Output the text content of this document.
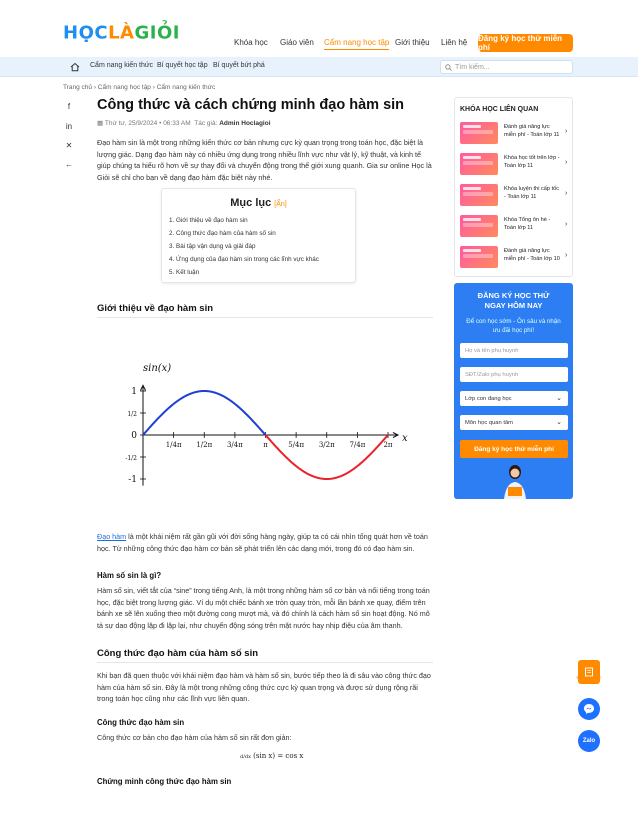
HỌCLÀGIỎI	Khóa học Giáo viên Cẩm nang học tập Giới thiệu Liên hệ Đăng ký học thử miễn phí
Cẩm nang kiến thức Bí quyết học tập Bí quyết bứt phá	Tìm kiếm...
Trang chủ › Cẩm nang học tập › Cẩm nang kiến thức
f
in
✕
←
Công thức và cách chứng minh đạo hàm sin
▦ Thứ tư, 25/9/2024 • 06:33 AM Tác giả: Admin Hoclagioi

Đạo hàm sin là một trong những kiến thức cơ bản nhưng cực kỳ quan trọng trong toán học, đặc biệt là lượng giác. Dạng đạo hàm này có nhiều ứng dụng trong nhiều lĩnh vực như vật lý, kỹ thuật, và kinh tế giúp chúng ta hiểu rõ hơn về sự thay đổi và chuyển động trong thế giới xung quanh. Gia sư online Học là Giỏi sẽ chỉ cho bạn về dạng đạo hàm đặc biệt này nhé.

Mục lục [Ẩn]
1. Giới thiệu về đạo hàm sin
2. Công thức đạo hàm của hàm số sin
3. Bài tập vận dụng và giải đáp
4. Ứng dụng của đạo hàm sin trong các lĩnh vực khác
5. Kết luận
Giới thiệu về đạo hàm sin
sin(x)
x
1
1/2
0
-1/2
-1
1/4π 1/2π 3/4π	π	5/4π 3/2π 7/4π	2π

Đạo hàm là một khái niệm rất gần gũi với đời sống hàng ngày, giúp ta có cái nhìn tổng quát hơn về toán học. Từ những công thức đạo hàm cơ bản sẽ phát triển lên các dạng mới, trong đó có đạo hàm sin.

Hàm số sin là gì?

Hàm số sin, viết tắt của “sine” trong tiếng Anh, là một trong những hàm số cơ bản và nổi tiếng trong toán học, đặc biệt trong lượng giác. Ví dụ một chiếc bánh xe tròn quay tròn, mỗi lần bánh xe quay, điểm trên bánh xe sẽ lên xuống theo một đường cong mượt mà, và đó chính là cách hàm số sin hoạt động. Nó mô tả sự dao động lặp đi lặp lại, như chuyển động sóng trên mặt nước hay nhịp điệu của âm thanh.

Công thức đạo hàm của hàm số sin

Khi bạn đã quen thuộc với khái niệm đạo hàm và hàm số sin, bước tiếp theo là đi sâu vào công thức đạo hàm của hàm số sin. Đây là một trong những công thức cực kỳ quan trọng và được sử dụng rộng rãi trong toán học cũng như các lĩnh vực liên quan.

Công thức đạo hàm sin

Công thức cơ bản cho đạo hàm của hàm số sin rất đơn giản:

d/dx (sin x) = cos x
Chứng minh công thức đạo hàm sin
KHÓA HỌC LIÊN QUAN
Đánh giá năng lực miễn phí - Toán lớp 11 ›
Khóa học tốt trên lớp - Toán lớp 11	›
Khóa luyện thi cấp tốc - Toán lớp 11	›
Khóa Tổng ôn hè - Toán lớp 11	›
Đánh giá năng lực miễn phí - Toán lớp 10 ›
ĐĂNG KÝ HỌC THỬ NGAY HÔM NAY
Để con học sớm - Ôn sâu và nhận ưu đãi học phí!
Họ và tên phụ huynh
SĐT/Zalo phụ huynh
Lớp con đang học	⌄
Môn học quan tâm	⌄
Đăng ký học thử miễn phí
Đăng ký học thử
Zalo
